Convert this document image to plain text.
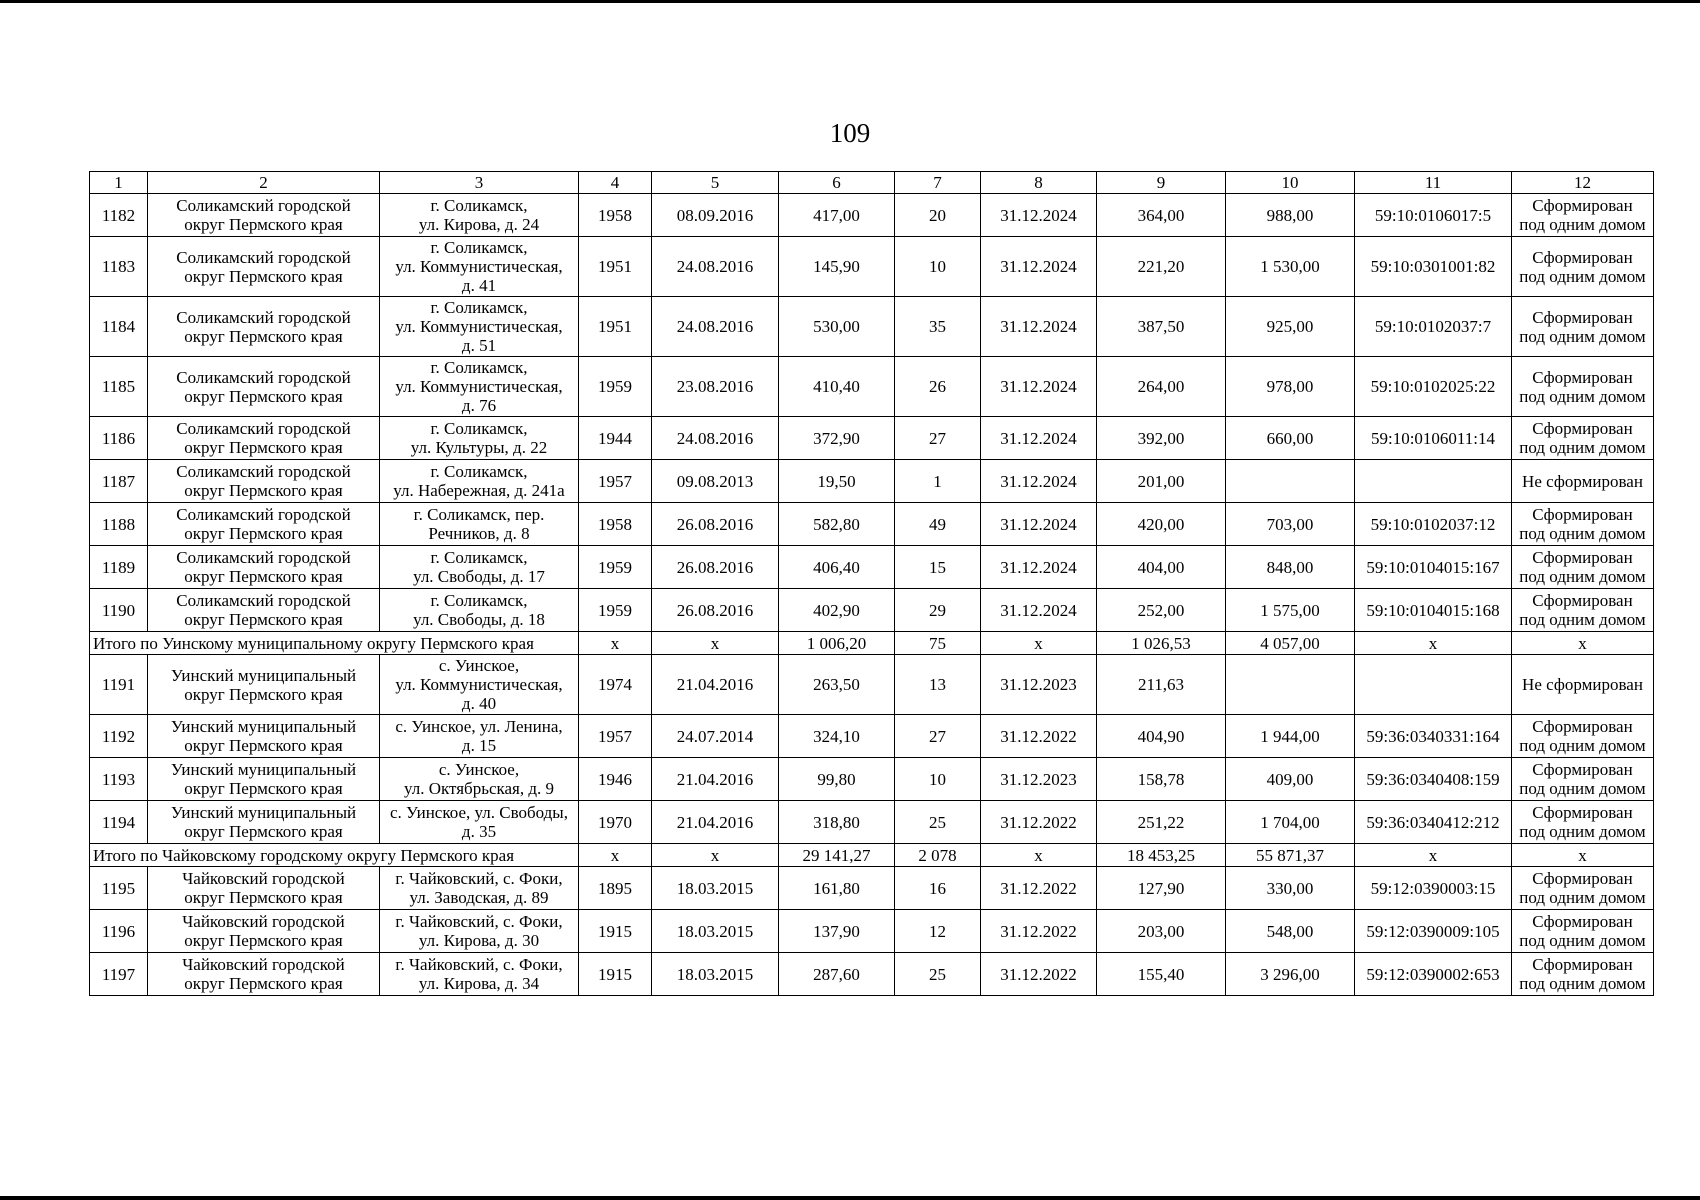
109
1	2	3	4	5	6	7	8	9	10	11	12
1182	Соликамский городской
округ Пермского края	г. Соликамск,
ул. Кирова, д. 24	1958	08.09.2016	417,00	20	31.12.2024	364,00	988,00	59:10:0106017:5	Сформирован
под одним домом
1183	Соликамский городской
округ Пермского края	г. Соликамск,
ул. Коммунистическая,
д. 41	1951	24.08.2016	145,90	10	31.12.2024	221,20	1 530,00	59:10:0301001:82	Сформирован
под одним домом
1184	Соликамский городской
округ Пермского края	г. Соликамск,
ул. Коммунистическая,
д. 51	1951	24.08.2016	530,00	35	31.12.2024	387,50	925,00	59:10:0102037:7	Сформирован
под одним домом
1185	Соликамский городской
округ Пермского края	г. Соликамск,
ул. Коммунистическая,
д. 76	1959	23.08.2016	410,40	26	31.12.2024	264,00	978,00	59:10:0102025:22	Сформирован
под одним домом
1186	Соликамский городской
округ Пермского края	г. Соликамск,
ул. Культуры, д. 22	1944	24.08.2016	372,90	27	31.12.2024	392,00	660,00	59:10:0106011:14	Сформирован
под одним домом
1187	Соликамский городской
округ Пермского края	г. Соликамск,
ул. Набережная, д. 241а	1957	09.08.2013	19,50	1	31.12.2024	201,00			Не сформирован
1188	Соликамский городской
округ Пермского края	г. Соликамск, пер.
Речников, д. 8	1958	26.08.2016	582,80	49	31.12.2024	420,00	703,00	59:10:0102037:12	Сформирован
под одним домом
1189	Соликамский городской
округ Пермского края	г. Соликамск,
ул. Свободы, д. 17	1959	26.08.2016	406,40	15	31.12.2024	404,00	848,00	59:10:0104015:167	Сформирован
под одним домом
1190	Соликамский городской
округ Пермского края	г. Соликамск,
ул. Свободы, д. 18	1959	26.08.2016	402,90	29	31.12.2024	252,00	1 575,00	59:10:0104015:168	Сформирован
под одним домом
Итого по Уинскому муниципальному округу Пермского края			x	x	1 006,20	75	x	1 026,53	4 057,00	x	x
1191	Уинский муниципальный
округ Пермского края	с. Уинское,
ул. Коммунистическая,
д. 40	1974	21.04.2016	263,50	13	31.12.2023	211,63			Не сформирован
1192	Уинский муниципальный
округ Пермского края	с. Уинское, ул. Ленина,
д. 15	1957	24.07.2014	324,10	27	31.12.2022	404,90	1 944,00	59:36:0340331:164	Сформирован
под одним домом
1193	Уинский муниципальный
округ Пермского края	с. Уинское,
ул. Октябрьская, д. 9	1946	21.04.2016	99,80	10	31.12.2023	158,78	409,00	59:36:0340408:159	Сформирован
под одним домом
1194	Уинский муниципальный
округ Пермского края	с. Уинское, ул. Свободы,
д. 35	1970	21.04.2016	318,80	25	31.12.2022	251,22	1 704,00	59:36:0340412:212	Сформирован
под одним домом
Итого по Чайковскому городскому округу Пермского края			x	x	29 141,27	2 078	x	18 453,25	55 871,37	x	x
1195	Чайковский городской
округ Пермского края	г. Чайковский, с. Фоки,
ул. Заводская, д. 89	1895	18.03.2015	161,80	16	31.12.2022	127,90	330,00	59:12:0390003:15	Сформирован
под одним домом
1196	Чайковский городской
округ Пермского края	г. Чайковский, с. Фоки,
ул. Кирова, д. 30	1915	18.03.2015	137,90	12	31.12.2022	203,00	548,00	59:12:0390009:105	Сформирован
под одним домом
1197	Чайковский городской
округ Пермского края	г. Чайковский, с. Фоки,
ул. Кирова, д. 34	1915	18.03.2015	287,60	25	31.12.2022	155,40	3 296,00	59:12:0390002:653	Сформирован
под одним домом
